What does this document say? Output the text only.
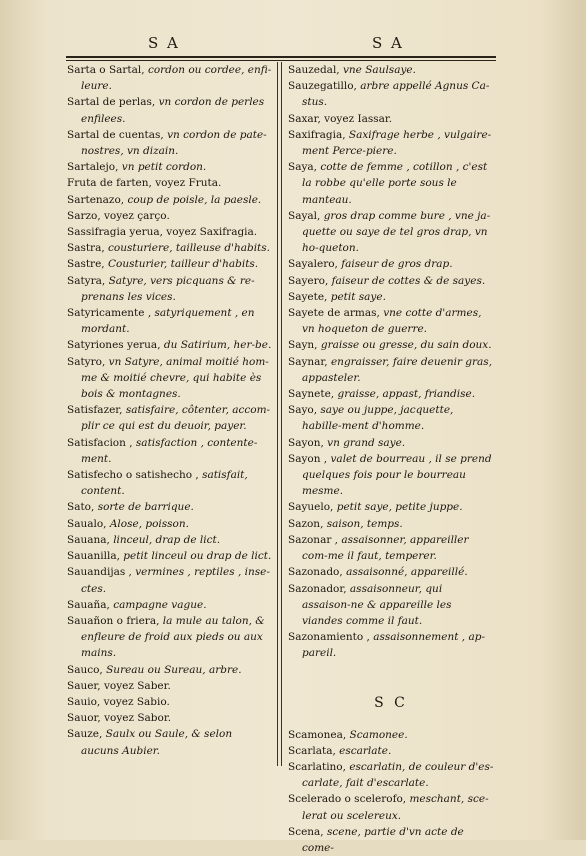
S A	S A
Sarta o Sartal, cordon ou cordee, enfi-leure.
Sartal de perlas, vn cordon de perles enfilees.
Sartal de cuentas, vn cordon de pate-nostres, vn dizain.
Sartalejo, vn petit cordon.
Fruta de farten, voyez Fruta.
Sartenazo, coup de poisle, la paesle.
Sarzo, voyez çarço.
Sassifragia yerua, voyez Saxifragia.
Sastra, cousturiere, tailleuse d'habits.
Sastre, Cousturier, tailleur d'habits.
Satyra, Satyre, vers picquans & re-prenans les vices.
Satyricamente , satyriquement , en mordant.
Satyriones yerua, du Satirium, her-be.
Satyro, vn Satyre, animal moitié hom-me & moitié chevre, qui habite ès bois & montagnes.
Satisfazer, satisfaire, côtenter, accom-plir ce qui est du deuoir, payer.
Satisfacion , satisfaction , contente-ment.
Satisfecho o satishecho , satisfait, content.
Sato, sorte de barrique.
Saualo, Alose, poisson.
Sauana, linceul, drap de lict.
Sauanilla, petit linceul ou drap de lict.
Sauandijas , vermines , reptiles , inse-ctes.
Sauaña, campagne vague.
Sauañon o friera, la mule au talon, & enfleure de froid aux pieds ou aux mains.
Sauco, Sureau ou Sureau, arbre.
Sauer, voyez Saber.
Sauio, voyez Sabio.
Sauor, voyez Sabor.
Sauze, Saulx ou Saule, & selon aucuns Aubier.
Sauzedal, vne Saulsaye.
Sauzegatillo, arbre appellé Agnus Ca-stus.
Saxar, voyez Iassar.
Saxifragia, Saxifrage herbe , vulgaire-ment Perce-piere.
Saya, cotte de femme , cotillon , c'est la robbe qu'elle porte sous le manteau.
Sayal, gros drap comme bure , vne ja-quette ou saye de tel gros drap, vn ho-queton.
Sayalero, faiseur de gros drap.
Sayero, faiseur de cottes & de sayes.
Sayete, petit saye.
Sayete de armas, vne cotte d'armes, vn hoqueton de guerre.
Sayn, graisse ou gresse, du sain doux.
Saynar, engraisser, faire deuenir gras, appasteler.
Saynete, graisse, appast, friandise.
Sayo, saye ou juppe, jacquette, habille-ment d'homme.
Sayon, vn grand saye.
Sayon , valet de bourreau , il se prend quelques fois pour le bourreau mesme.
Sayuelo, petit saye, petite juppe.
Sazon, saison, temps.
Sazonar , assaisonner, appareiller com-me il faut, temperer.
Sazonado, assaisonné, appareillé.
Sazonador, assaisonneur, qui assaison-ne & appareille les viandes comme il faut.
Sazonamiento , assaisonnement , ap-pareil.
S C
Scamonea, Scamonee.
Scarlata, escarlate.
Scarlatino, escarlatin, de couleur d'es-carlate, fait d'escarlate.
Scelerado o scelerofo, meschant, sce-lerat ou scelereux.
Scena, scene, partie d'vn acte de come-
